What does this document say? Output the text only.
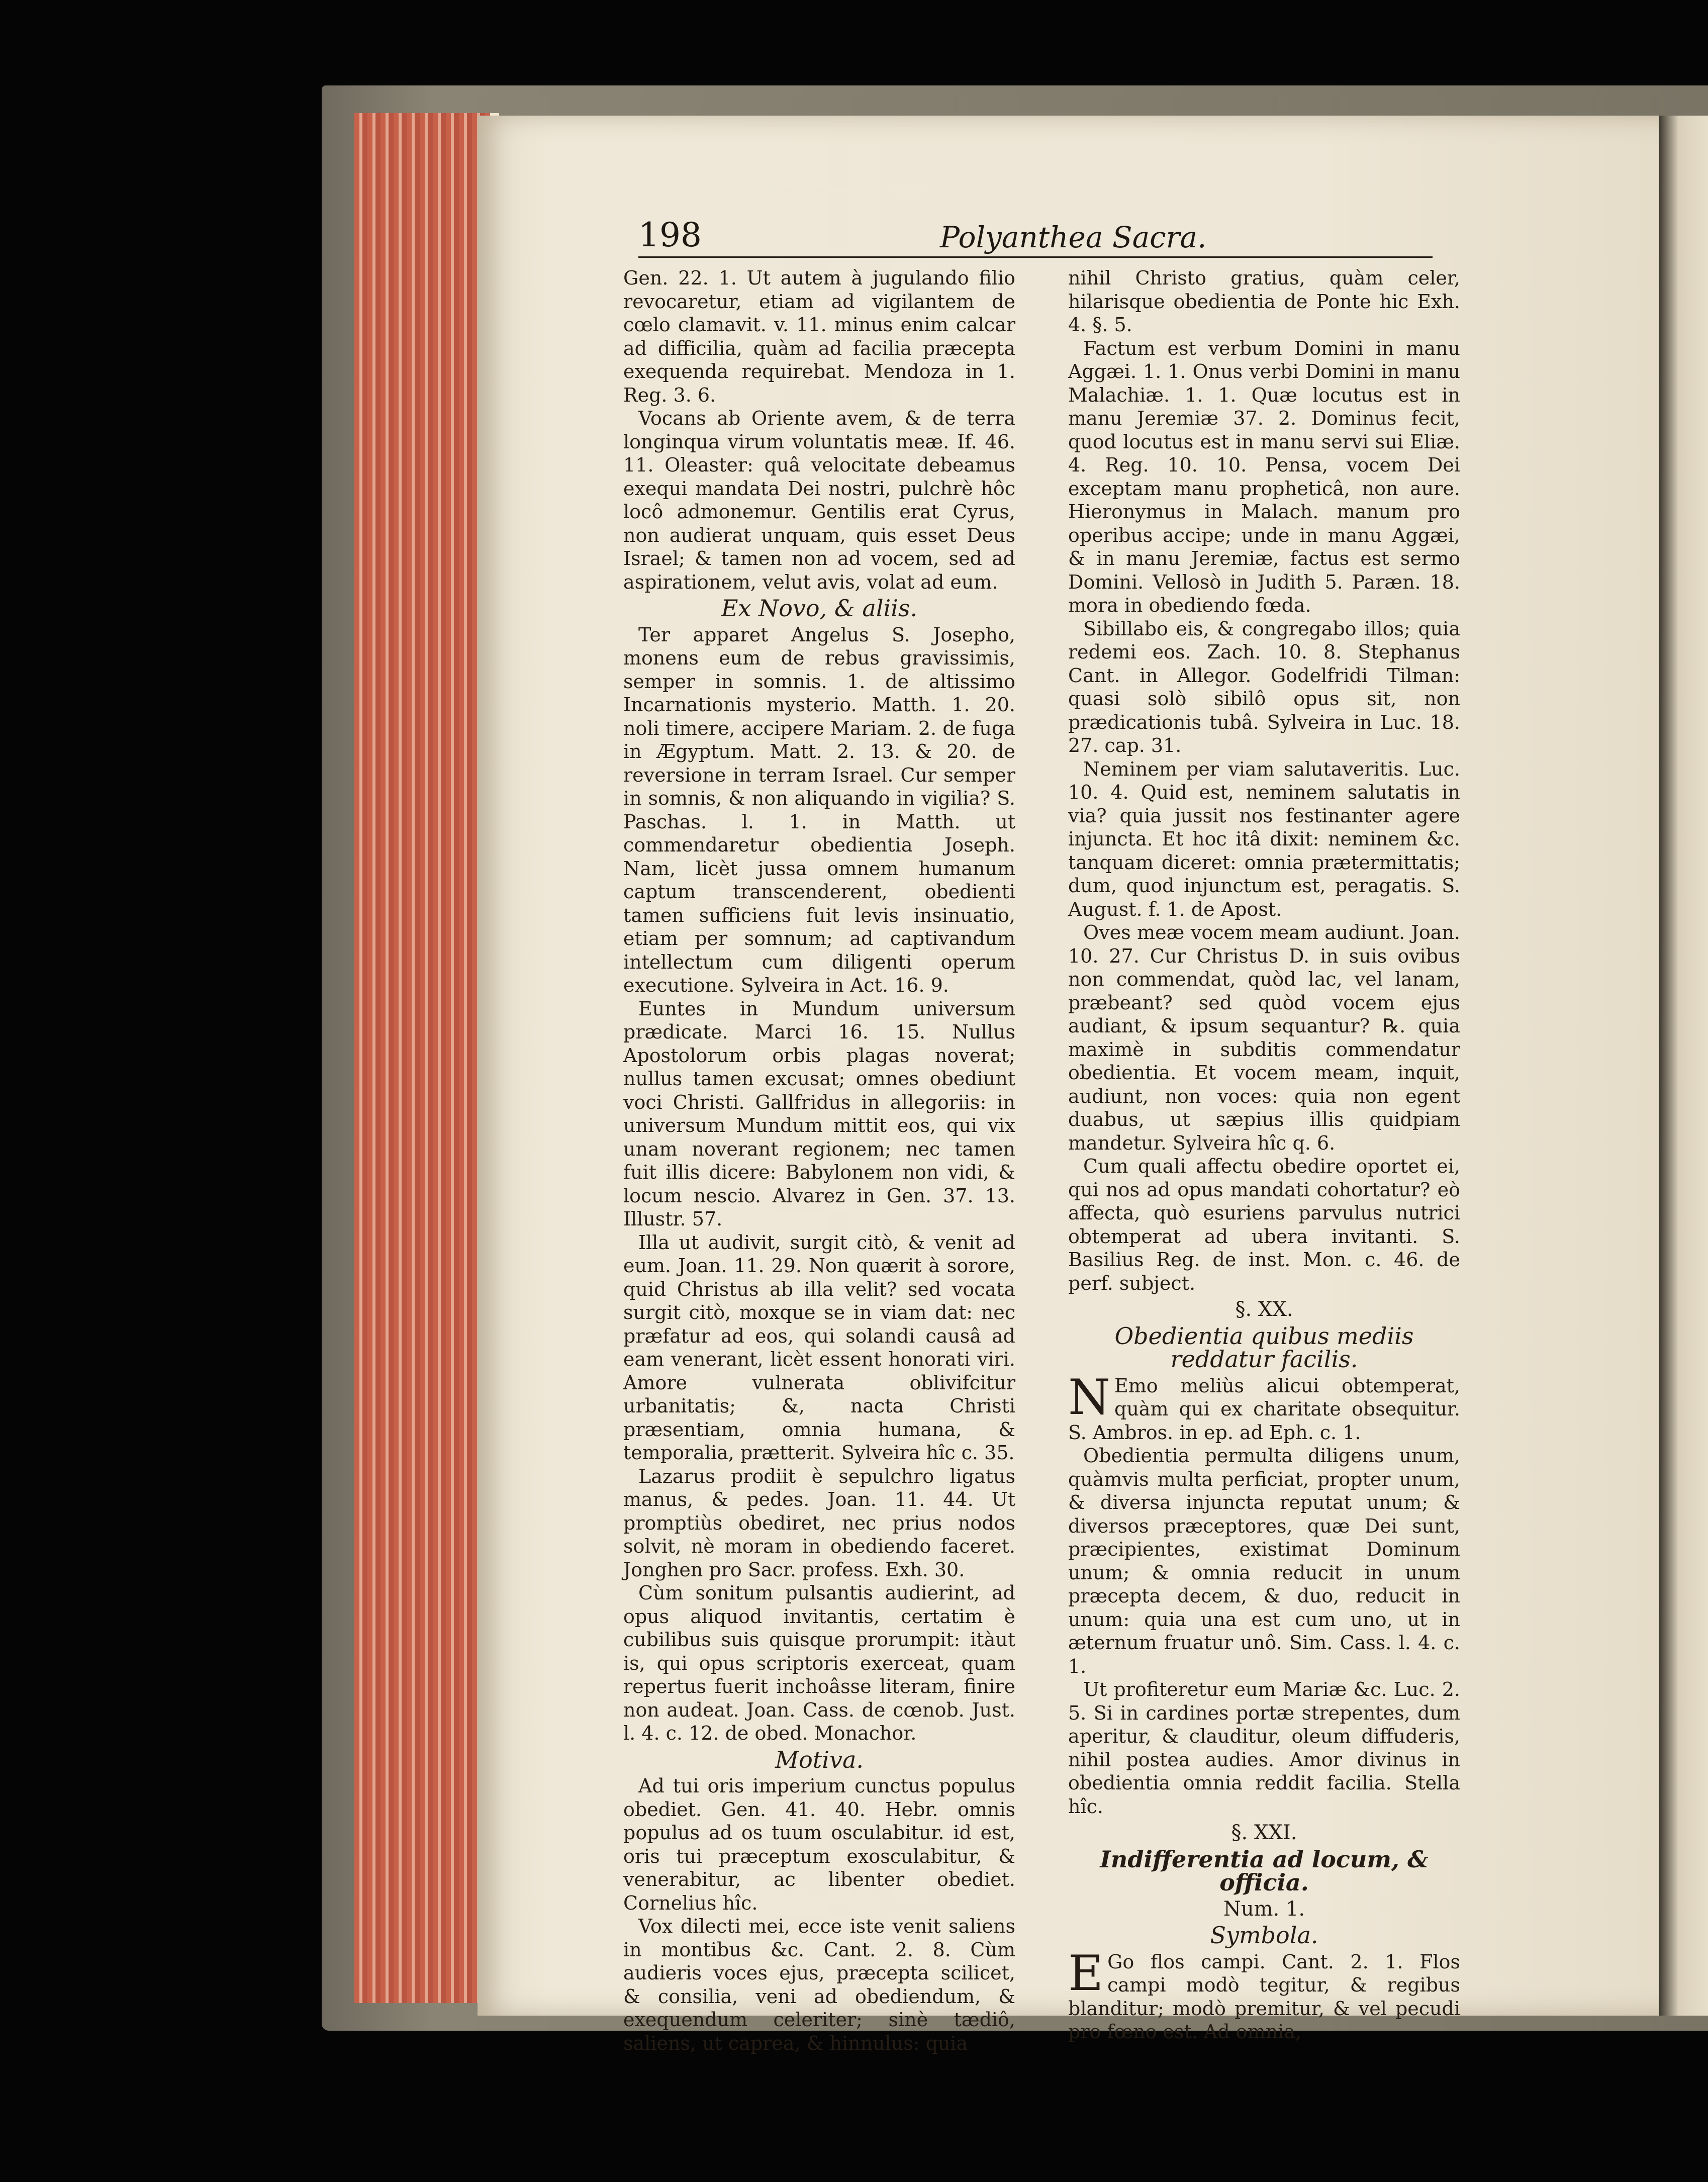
198	Polyanthea Sacra.

Gen. 22. 1. Ut autem à jugulando filio revocaretur, etiam ad vigilantem de cœlo clamavit. v. 11. minus enim calcar ad difficilia, quàm ad facilia præcepta exequenda requirebat. Mendoza in 1. Reg. 3. 6.

Vocans ab Oriente avem, & de terra longinqua virum voluntatis meæ. If. 46. 11. Oleaster: quâ velocitate debeamus exequi mandata Dei nostri, pulchrè hôc locô admonemur. Gentilis erat Cyrus, non audierat unquam, quis esset Deus Israel; & tamen non ad vocem, sed ad aspirationem, velut avis, volat ad eum.

Ex Novo, & aliis.

Ter apparet Angelus S. Josepho, monens eum de rebus gravissimis, semper in somnis. 1. de altissimo Incarnationis mysterio. Matth. 1. 20. noli timere, accipere Mariam. 2. de fuga in Ægyptum. Matt. 2. 13. & 20. de reversione in terram Israel. Cur semper in somnis, & non aliquando in vigilia? S. Paschas. l. 1. in Matth. ut commendaretur obedientia Joseph. Nam, licèt jussa omnem humanum captum transcenderent, obedienti tamen sufficiens fuit levis insinuatio, etiam per somnum; ad captivandum intellectum cum diligenti operum executione. Sylveira in Act. 16. 9.

Euntes in Mundum universum prædicate. Marci 16. 15. Nullus Apostolorum orbis plagas noverat; nullus tamen excusat; omnes obediunt voci Christi. Gallfridus in allegoriis: in universum Mundum mittit eos, qui vix unam noverant regionem; nec tamen fuit illis dicere: Babylonem non vidi, & locum nescio. Alvarez in Gen. 37. 13. Illustr. 57.

Illa ut audivit, surgit citò, & venit ad eum. Joan. 11. 29. Non quærit à sorore, quid Christus ab illa velit? sed vocata surgit citò, moxque se in viam dat: nec præfatur ad eos, qui solandi causâ ad eam venerant, licèt essent honorati viri. Amore vulnerata oblivifcitur urbanitatis; &, nacta Christi præsentiam, omnia humana, & temporalia, prætterit. Sylveira hîc c. 35.

Lazarus prodiit è sepulchro ligatus manus, & pedes. Joan. 11. 44. Ut promptiùs obediret, nec prius nodos solvit, nè moram in obediendo faceret. Jonghen pro Sacr. profess. Exh. 30.

Cùm sonitum pulsantis audierint, ad opus aliquod invitantis, certatim è cubilibus suis quisque prorumpit: itàut is, qui opus scriptoris exerceat, quam repertus fuerit inchoâsse literam, finire non audeat. Joan. Cass. de cœnob. Just. l. 4. c. 12. de obed. Monachor.

Motiva.

Ad tui oris imperium cunctus populus obediet. Gen. 41. 40. Hebr. omnis populus ad os tuum osculabitur. id est, oris tui præceptum exosculabitur, & venerabitur, ac libenter obediet. Cornelius hîc.

Vox dilecti mei, ecce iste venit saliens in montibus &c. Cant. 2. 8. Cùm audieris voces ejus, præcepta scilicet, & consilia, veni ad obediendum, & exequendum celeriter; sinè tædiô, saliens, ut caprea, & hinnulus: quia

nihil Christo gratius, quàm celer, hilarisque obedientia de Ponte hic Exh. 4. §. 5.

Factum est verbum Domini in manu Aggæi. 1. 1. Onus verbi Domini in manu Malachiæ. 1. 1. Quæ locutus est in manu Jeremiæ 37. 2. Dominus fecit, quod locutus est in manu servi sui Eliæ. 4. Reg. 10. 10. Pensa, vocem Dei exceptam manu propheticâ, non aure. Hieronymus in Malach. manum pro operibus accipe; unde in manu Aggæi, & in manu Jeremiæ, factus est sermo Domini. Vellosò in Judith 5. Paræn. 18. mora in obediendo fœda.

Sibillabo eis, & congregabo illos; quia redemi eos. Zach. 10. 8. Stephanus Cant. in Allegor. Godelfridi Tilman: quasi solò sibilô opus sit, non prædicationis tubâ. Sylveira in Luc. 18. 27. cap. 31.

Neminem per viam salutaveritis. Luc. 10. 4. Quid est, neminem salutatis in via? quia jussit nos festinanter agere injuncta. Et hoc itâ dixit: neminem &c. tanquam diceret: omnia prætermittatis; dum, quod injunctum est, peragatis. S. August. f. 1. de Apost.

Oves meæ vocem meam audiunt. Joan. 10. 27. Cur Christus D. in suis ovibus non commendat, quòd lac, vel lanam, præbeant? sed quòd vocem ejus audiant, & ipsum sequantur? ℞. quia maximè in subditis commendatur obedientia. Et vocem meam, inquit, audiunt, non voces: quia non egent duabus, ut sæpius illis quidpiam mandetur. Sylveira hîc q. 6.

Cum quali affectu obedire oportet ei, qui nos ad opus mandati cohortatur? eò affecta, quò esuriens parvulus nutrici obtemperat ad ubera invitanti. S. Basilius Reg. de inst. Mon. c. 46. de perf. subject.

§. XX.
Obedientia quibus mediis reddatur facilis.

N Emo meliùs alicui obtemperat, quàm qui ex charitate obsequitur. S. Ambros. in ep. ad Eph. c. 1.

Obedientia permulta diligens unum, quàmvis multa perficiat, propter unum, & diversa injuncta reputat unum; & diversos præceptores, quæ Dei sunt, præcipientes, existimat Dominum unum; & omnia reducit in unum præcepta decem, & duo, reducit in unum: quia una est cum uno, ut in æternum fruatur unô. Sim. Cass. l. 4. c. 1.

Ut profiteretur eum Mariæ &c. Luc. 2. 5. Si in cardines portæ strepentes, dum aperitur, & clauditur, oleum diffuderis, nihil postea audies. Amor divinus in obedientia omnia reddit facilia. Stella hîc.

§. XXI.
Indifferentia ad locum, & officia.
Num. 1.
Symbola.

E Go flos campi. Cant. 2. 1. Flos campi modò tegitur, & regibus blanditur; modò premitur, & vel pecudi pro fœno est. Ad omnia,
